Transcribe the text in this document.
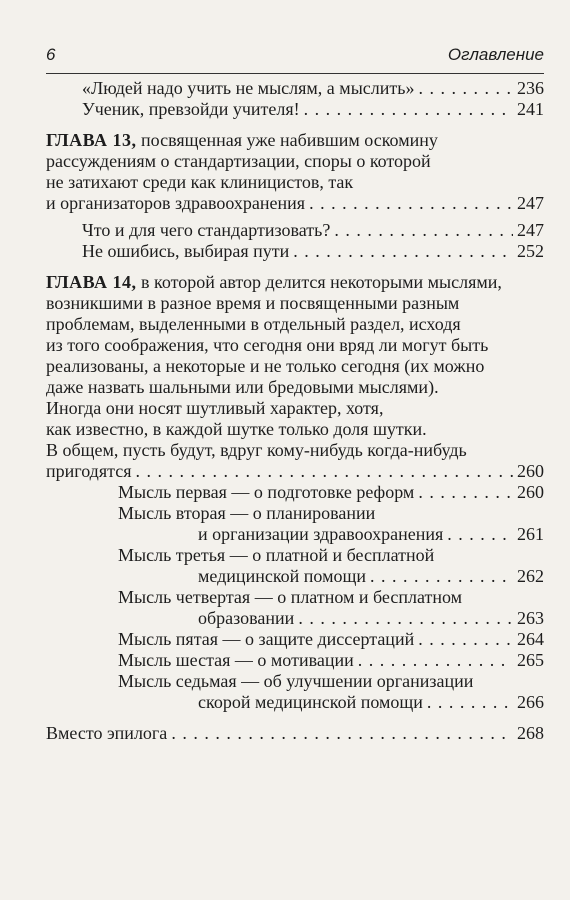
6	Оглавление
«Людей надо учить не мыслям, а мыслить» . . .	236
Ученик, превзойди учителя! . . .	241
ГЛАВА 13, посвященная уже набившим оскомину
рассуждениям о стандартизации, споры о которой
не затихают среди как клиницистов, так
и организаторов здравоохранения . . .	247
Что и для чего стандартизовать? . . .	247
Не ошибись, выбирая пути . . .	252
ГЛАВА 14, в которой автор делится некоторыми мыслями,
возникшими в разное время и посвященными разным
проблемам, выделенными в отдельный раздел, исходя
из того соображения, что сегодня они вряд ли могут быть
реализованы, а некоторые и не только сегодня (их можно
даже назвать шальными или бредовыми мыслями).
Иногда они носят шутливый характер, хотя,
как известно, в каждой шутке только доля шутки.
В общем, пусть будут, вдруг кому-нибудь когда-нибудь
пригодятся . . .	260
Мысль первая — о подготовке реформ . . .	260
Мысль вторая — о планировании
и организации здравоохранения . . .	261
Мысль третья — о платной и бесплатной
медицинской помощи . . .	262
Мысль четвертая — о платном и бесплатном
образовании . . .	263
Мысль пятая — о защите диссертаций . . .	264
Мысль шестая — о мотивации . . .	265
Мысль седьмая — об улучшении организации
скорой медицинской помощи . . .	266
Вместо эпилога . . .	268
